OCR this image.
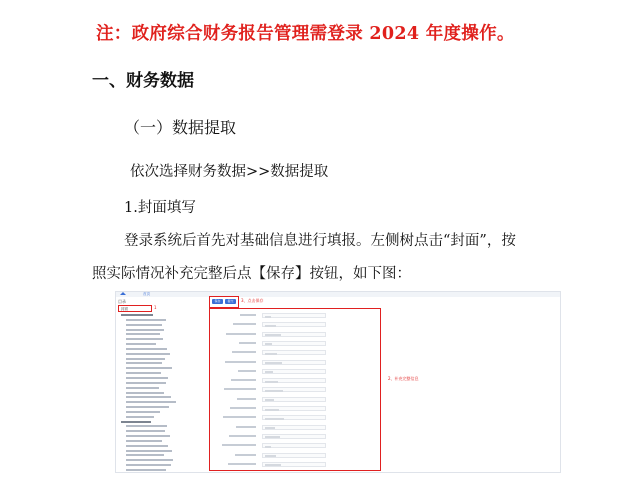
注：政府综合财务报告管理需登录 2024 年度操作。
一、财务数据
（一）数据提取
依次选择财务数据>>数据提取
1.封面填写
登录系统后首先对基础信息进行填报。左侧树点击“封面”，按
照实际情况补充完整后点【保存】按钮，如下图：
首页
目录
封面	1
保存	提交	3、点击保存
2、补充完整信息
